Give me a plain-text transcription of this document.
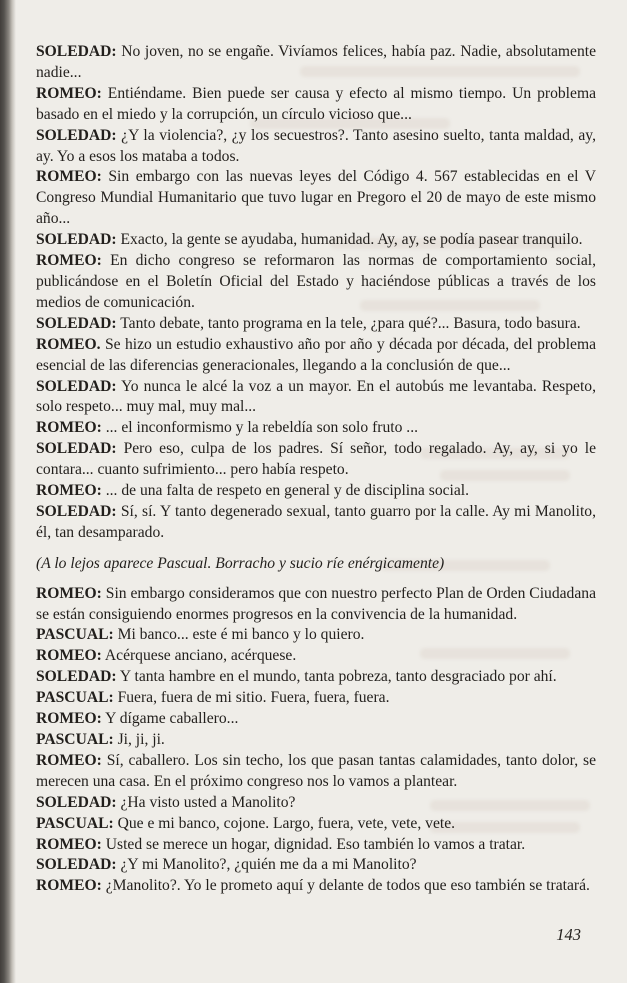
SOLEDAD: No joven, no se engañe. Vivíamos felices, había paz. Nadie, absolutamente nadie...

ROMEO: Entiéndame. Bien puede ser causa y efecto al mismo tiempo. Un problema basado en el miedo y la corrupción, un círculo vicioso que...

SOLEDAD: ¿Y la violencia?, ¿y los secuestros?. Tanto asesino suelto, tanta maldad, ay, ay. Yo a esos los mataba a todos.

ROMEO: Sin embargo con las nuevas leyes del Código 4. 567 establecidas en el V Congreso Mundial Humanitario que tuvo lugar en Pregoro el 20 de mayo de este mismo año...

SOLEDAD: Exacto, la gente se ayudaba, humanidad. Ay, ay, se podía pasear tranquilo.

ROMEO: En dicho congreso se reformaron las normas de comportamiento social, publicándose en el Boletín Oficial del Estado y haciéndose públicas a través de los medios de comunicación.

SOLEDAD: Tanto debate, tanto programa en la tele, ¿para qué?... Basura, todo basura.

ROMEO. Se hizo un estudio exhaustivo año por año y década por década, del problema esencial de las diferencias generacionales, llegando a la conclusión de que...

SOLEDAD: Yo nunca le alcé la voz a un mayor. En el autobús me levantaba. Respeto, solo respeto... muy mal, muy mal...

ROMEO: ... el inconformismo y la rebeldía son solo fruto ...

SOLEDAD: Pero eso, culpa de los padres. Sí señor, todo regalado. Ay, ay, si yo le contara... cuanto sufrimiento... pero había respeto.

ROMEO: ... de una falta de respeto en general y de disciplina social.

SOLEDAD: Sí, sí. Y tanto degenerado sexual, tanto guarro por la calle. Ay mi Manolito, él, tan desamparado.

(A lo lejos aparece Pascual. Borracho y sucio ríe enérgicamente)

ROMEO: Sin embargo consideramos que con nuestro perfecto Plan de Orden Ciudadana se están consiguiendo enormes progresos en la convivencia de la humanidad.

PASCUAL: Mi banco... este é mi banco y lo quiero.

ROMEO: Acérquese anciano, acérquese.

SOLEDAD: Y tanta hambre en el mundo, tanta pobreza, tanto desgraciado por ahí.

PASCUAL: Fuera, fuera de mi sitio. Fuera, fuera, fuera.

ROMEO: Y dígame caballero...

PASCUAL: Ji, ji, ji.

ROMEO: Sí, caballero. Los sin techo, los que pasan tantas calamidades, tanto dolor, se merecen una casa. En el próximo congreso nos lo vamos a plantear.

SOLEDAD: ¿Ha visto usted a Manolito?

PASCUAL: Que e mi banco, cojone. Largo, fuera, vete, vete, vete.

ROMEO: Usted se merece un hogar, dignidad. Eso también lo vamos a tratar.

SOLEDAD: ¿Y mi Manolito?, ¿quién me da a mi Manolito?

ROMEO: ¿Manolito?. Yo le prometo aquí y delante de todos que eso también se tratará.

143
